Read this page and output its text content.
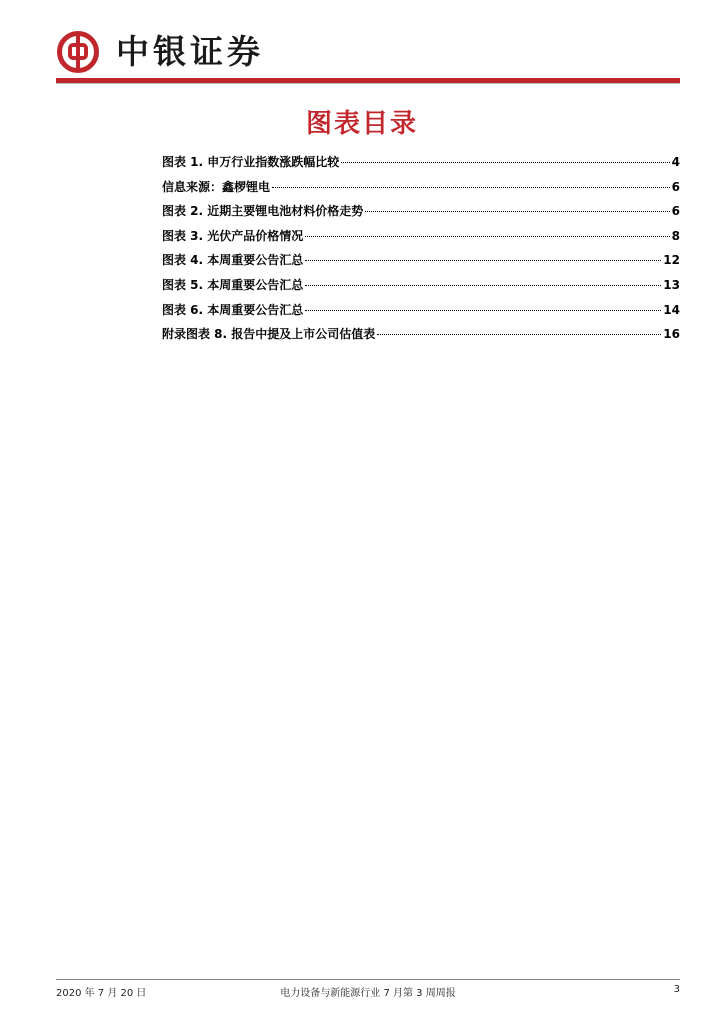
中银证券
图表目录
图表 1. 申万行业指数涨跌幅比较	4
信息来源：鑫椤锂电	6
图表 2. 近期主要锂电池材料价格走势	6
图表 3. 光伏产品价格情况	8
图表 4. 本周重要公告汇总	12
图表 5. 本周重要公告汇总	13
图表 6. 本周重要公告汇总	14
附录图表 8. 报告中提及上市公司估值表	16
2020 年 7 月 20 日	电力设备与新能源行业 7 月第 3 周周报	3
